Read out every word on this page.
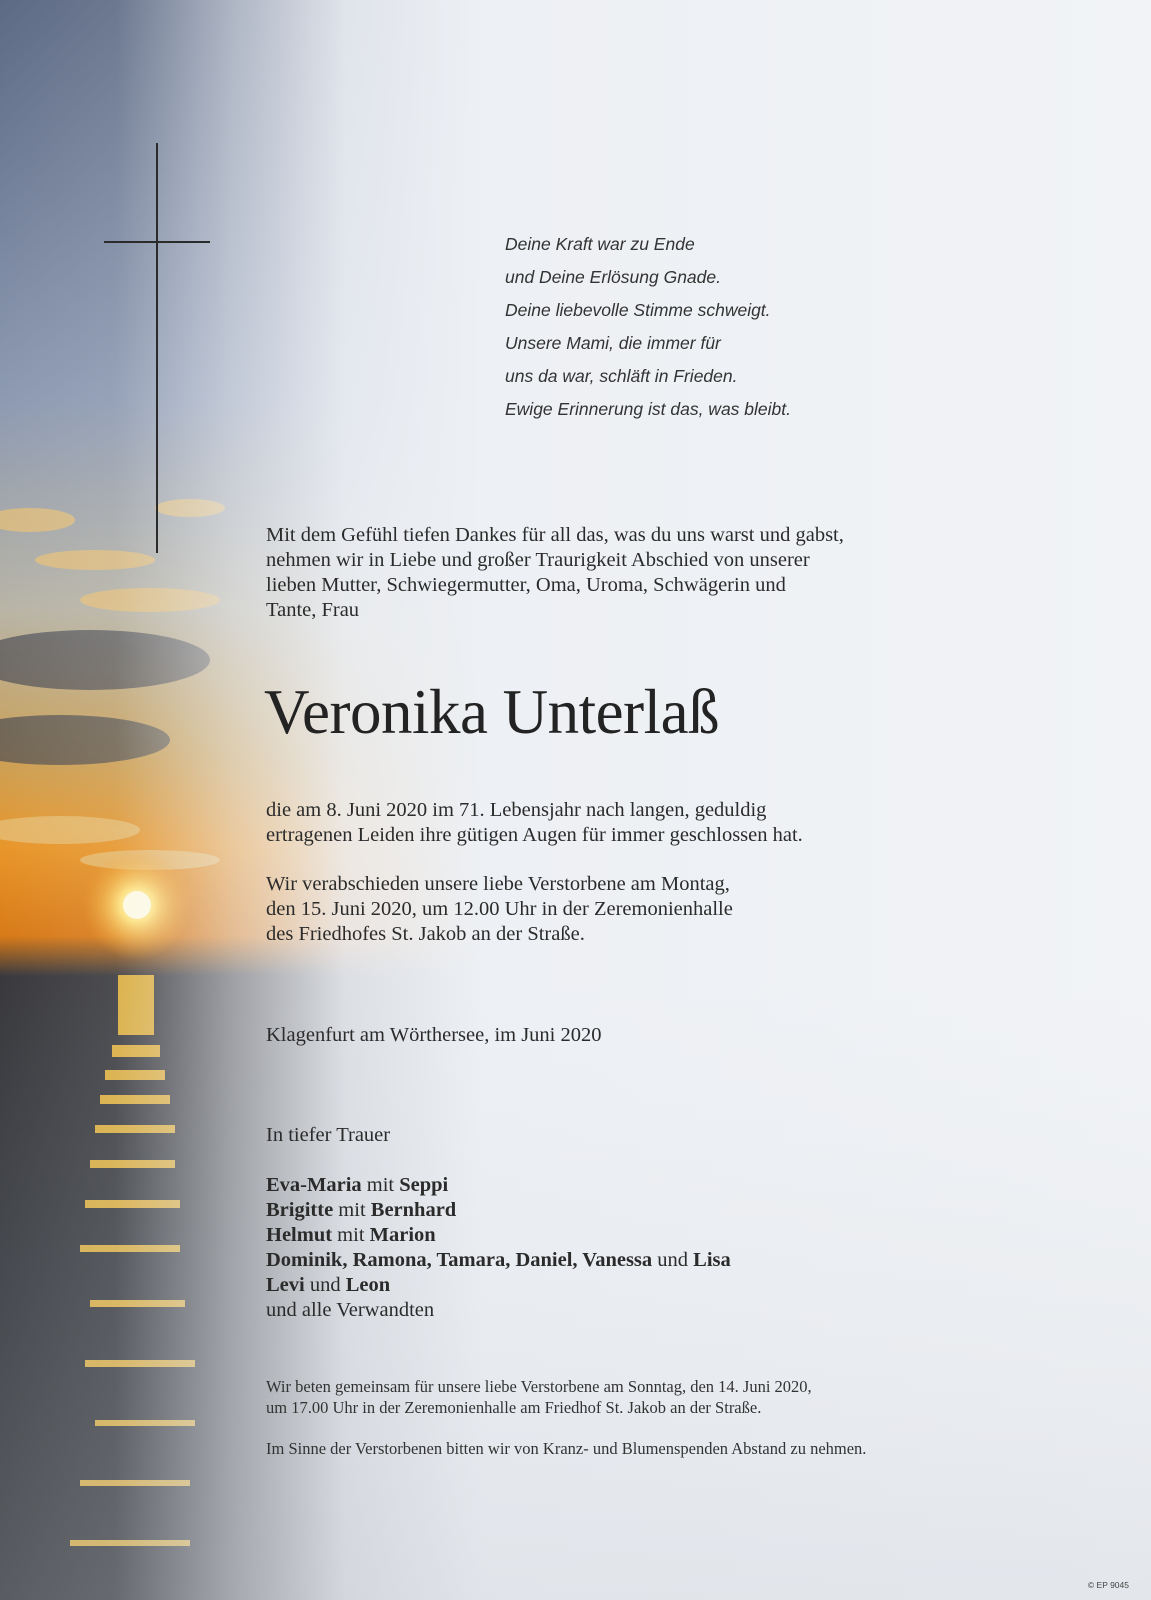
Deine Kraft war zu Ende
und Deine Erlösung Gnade.
Deine liebevolle Stimme schweigt.
Unsere Mami, die immer für
uns da war, schläft in Frieden.
Ewige Erinnerung ist das, was bleibt.
Mit dem Gefühl tiefen Dankes für all das, was du uns warst und gabst,
nehmen wir in Liebe und großer Traurigkeit Abschied von unserer
lieben Mutter, Schwiegermutter, Oma, Uroma, Schwägerin und
Tante, Frau
Veronika Unterlaß
die am 8. Juni 2020 im 71. Lebensjahr nach langen, geduldig
ertragenen Leiden ihre gütigen Augen für immer geschlossen hat.
Wir verabschieden unsere liebe Verstorbene am Montag,
den 15. Juni 2020, um 12.00 Uhr in der Zeremonienhalle
des Friedhofes St. Jakob an der Straße.
Klagenfurt am Wörthersee, im Juni 2020
In tiefer Trauer
Eva-Maria mit Seppi
Brigitte mit Bernhard
Helmut mit Marion
Dominik, Ramona, Tamara, Daniel, Vanessa und Lisa
Levi und Leon
und alle Verwandten
Wir beten gemeinsam für unsere liebe Verstorbene am Sonntag, den 14. Juni 2020,
um 17.00 Uhr in der Zeremonienhalle am Friedhof St. Jakob an der Straße.
Im Sinne der Verstorbenen bitten wir von Kranz- und Blumenspenden Abstand zu nehmen.
© EP 9045
